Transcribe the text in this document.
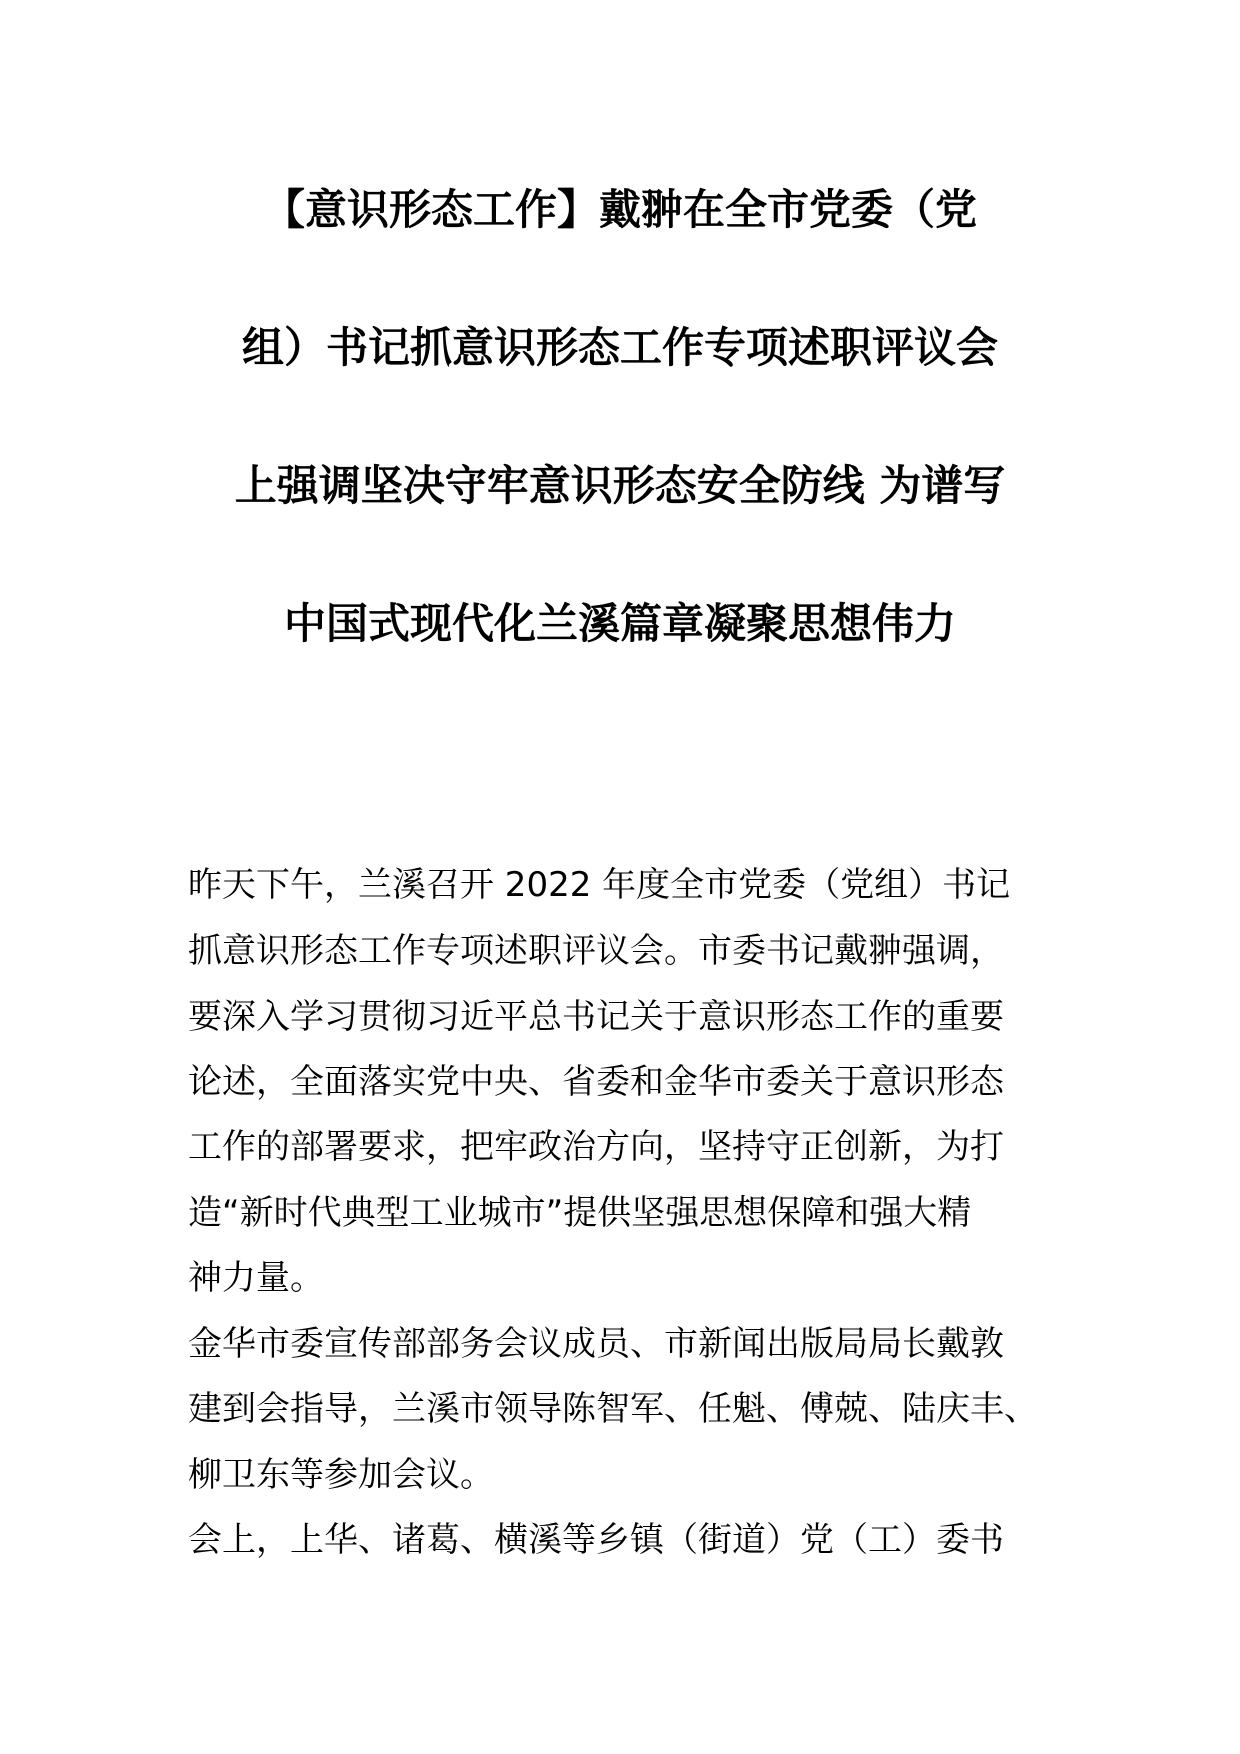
【意识形态工作】戴翀在全市党委（党
组）书记抓意识形态工作专项述职评议会
上强调坚决守牢意识形态安全防线 为谱写
中国式现代化兰溪篇章凝聚思想伟力
昨天下午，兰溪召开 2022 年度全市党委（党组）书记
抓意识形态工作专项述职评议会。市委书记戴翀强调，
要深入学习贯彻习近平总书记关于意识形态工作的重要
论述，全面落实党中央、省委和金华市委关于意识形态
工作的部署要求，把牢政治方向，坚持守正创新，为打
造“新时代典型工业城市”提供坚强思想保障和强大精
神力量。
金华市委宣传部部务会议成员、市新闻出版局局长戴敦
建到会指导，兰溪市领导陈智军、任魁、傅兢、陆庆丰、
柳卫东等参加会议。
会上，上华、诸葛、横溪等乡镇（街道）党（工）委书
